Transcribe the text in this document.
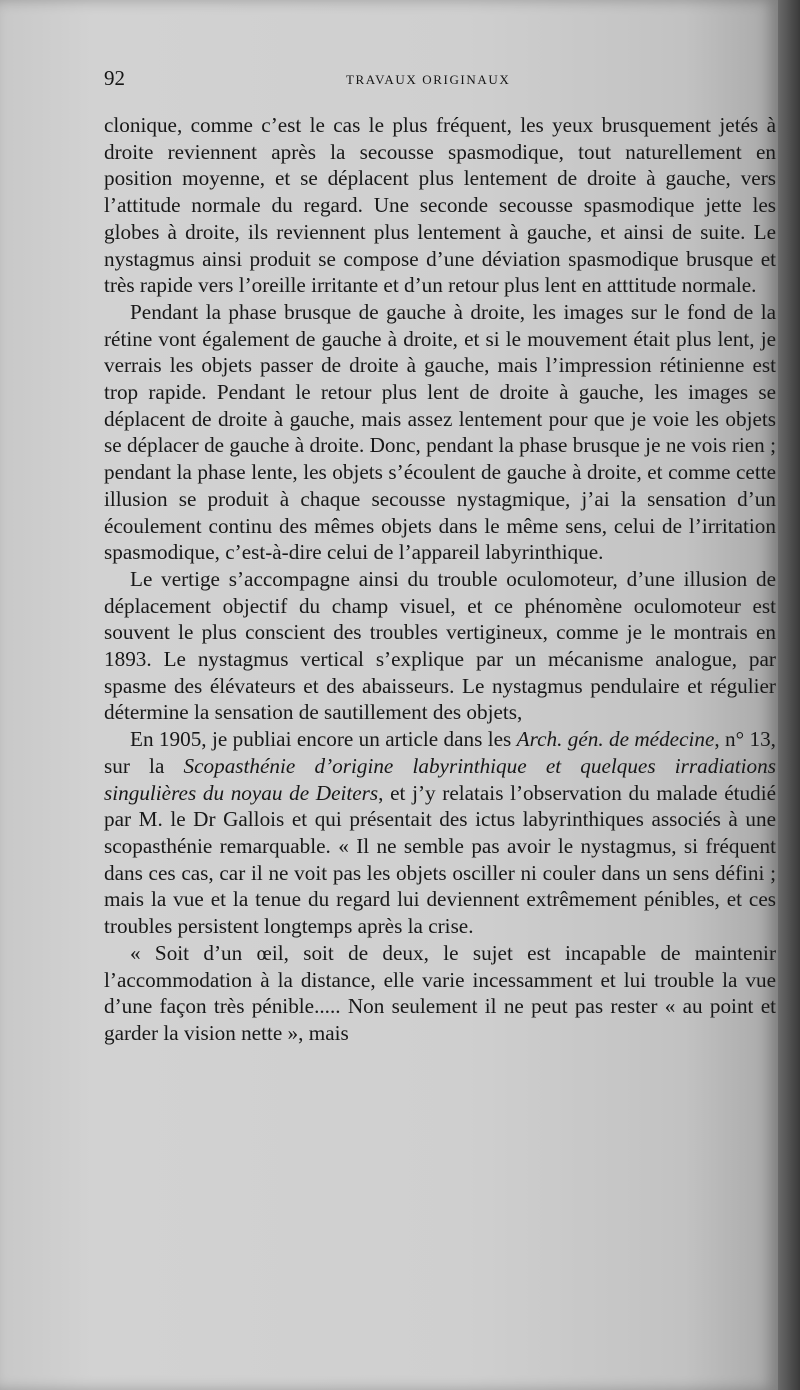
92	TRAVAUX ORIGINAUX

clonique, comme c’est le cas le plus fréquent, les yeux brusquement jetés à droite reviennent après la secousse spasmodique, tout naturellement en position moyenne, et se déplacent plus lentement de droite à gauche, vers l’attitude normale du regard. Une seconde secousse spasmodique jette les globes à droite, ils reviennent plus lentement à gauche, et ainsi de suite. Le nystagmus ainsi produit se compose d’une déviation spasmodique brusque et très rapide vers l’oreille irritante et d’un retour plus lent en atttitude normale.

Pendant la phase brusque de gauche à droite, les images sur le fond de la rétine vont également de gauche à droite, et si le mouvement était plus lent, je verrais les objets passer de droite à gauche, mais l’impression rétinienne est trop rapide. Pendant le retour plus lent de droite à gauche, les images se déplacent de droite à gauche, mais assez lentement pour que je voie les objets se déplacer de gauche à droite. Donc, pendant la phase brusque je ne vois rien ; pendant la phase lente, les objets s’écoulent de gauche à droite, et comme cette illusion se produit à chaque secousse nystagmique, j’ai la sensation d’un écoulement continu des mêmes objets dans le même sens, celui de l’irritation spasmodique, c’est-à-dire celui de l’appareil labyrinthique.

Le vertige s’accompagne ainsi du trouble oculomoteur, d’une illusion de déplacement objectif du champ visuel, et ce phénomène oculomoteur est souvent le plus conscient des troubles vertigineux, comme je le montrais en 1893. Le nystagmus vertical s’explique par un mécanisme analogue, par spasme des élévateurs et des abaisseurs. Le nystagmus pendulaire et régulier détermine la sensation de sautillement des objets,

En 1905, je publiai encore un article dans les Arch. gén. de médecine, n° 13, sur la Scopasthénie d’origine labyrinthique et quelques irradiations singulières du noyau de Deiters, et j’y relatais l’observation du malade étudié par M. le Dr Gallois et qui présentait des ictus labyrinthiques associés à une scopasthénie remarquable. « Il ne semble pas avoir le nystagmus, si fréquent dans ces cas, car il ne voit pas les objets osciller ni couler dans un sens défini ; mais la vue et la tenue du regard lui deviennent extrêmement pénibles, et ces troubles persistent longtemps après la crise.

« Soit d’un œil, soit de deux, le sujet est incapable de maintenir l’accommodation à la distance, elle varie incessamment et lui trouble la vue d’une façon très pénible..... Non seulement il ne peut pas rester « au point et garder la vision nette », mais
